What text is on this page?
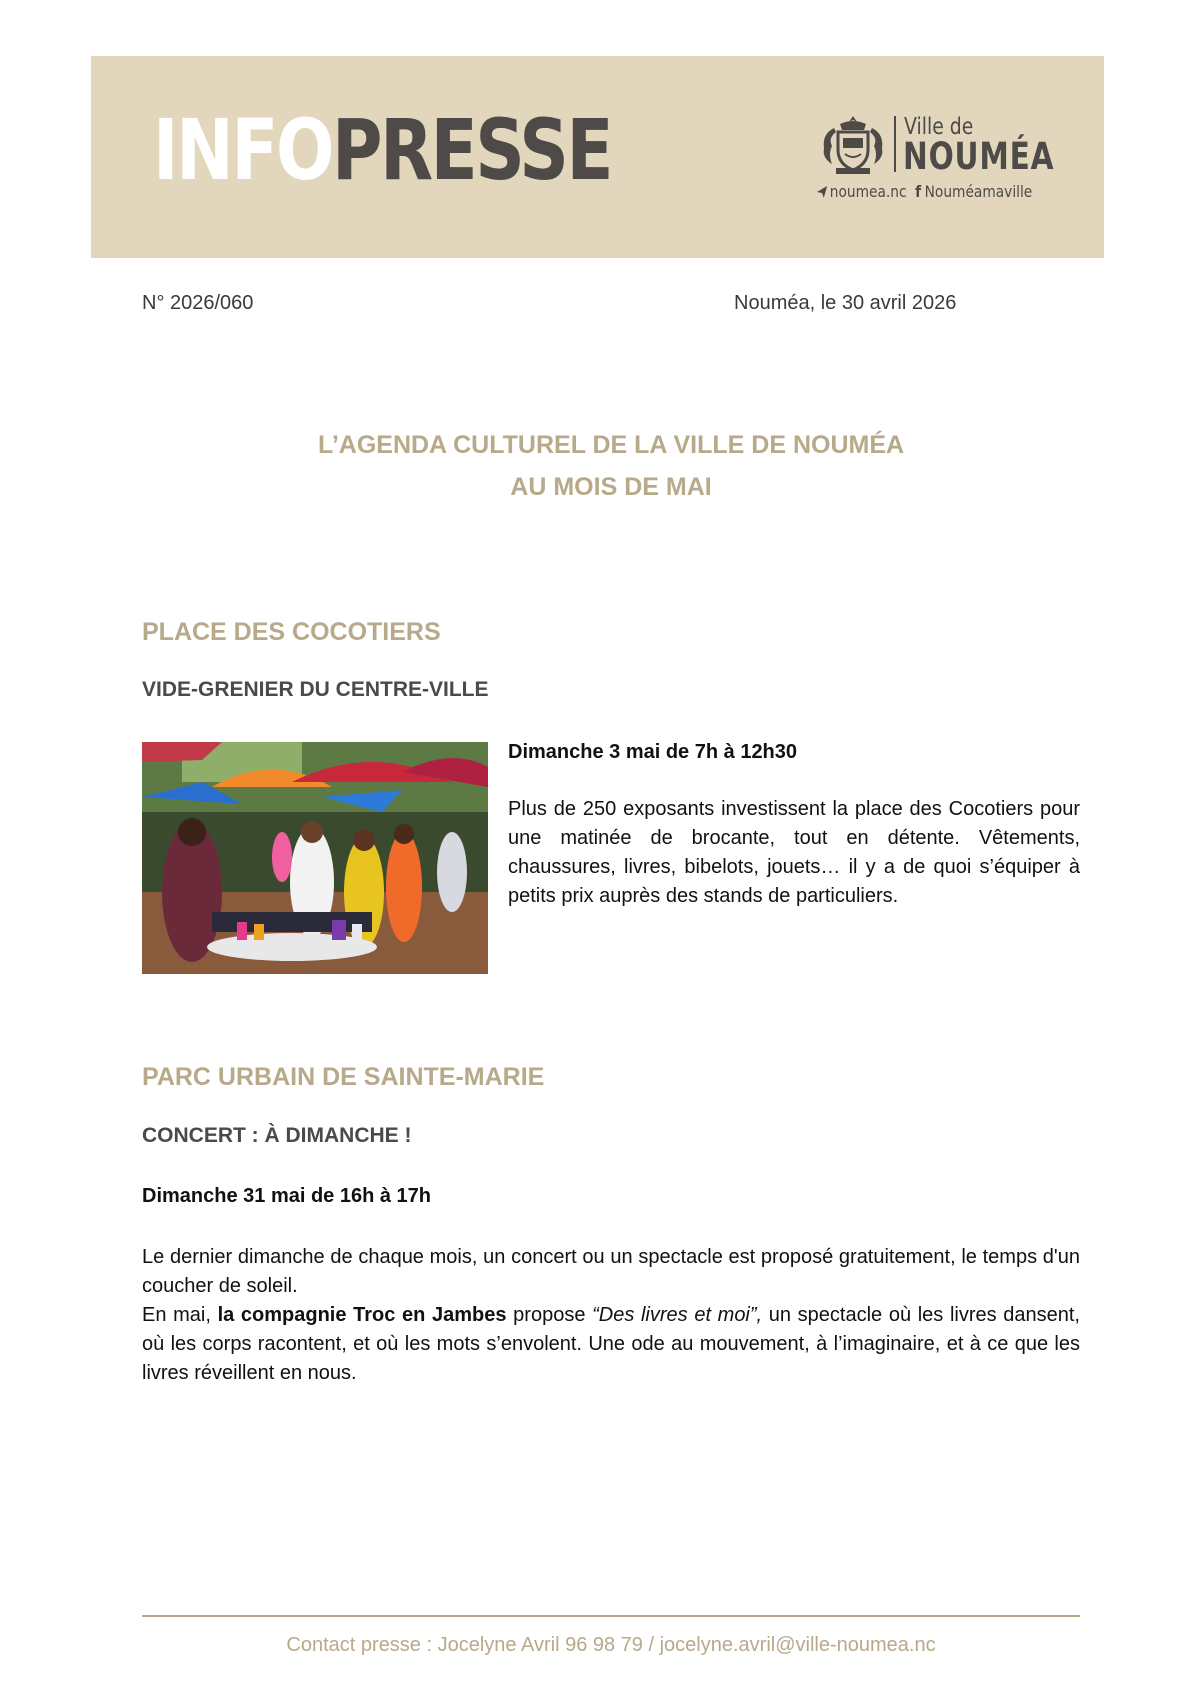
INFOPRESSE	Ville de
NOUMÉA
noumea.nc f Nouméamaville
N° 2026/060	Nouméa, le 30 avril 2026
L’AGENDA CULTUREL DE LA VILLE DE NOUMÉA
AU MOIS DE MAI
PLACE DES COCOTIERS
VIDE-GRENIER DU CENTRE-VILLE
Dimanche 3 mai de 7h à 12h30

Plus de 250 exposants investissent la place des Cocotiers pour une matinée de brocante, tout en détente. Vêtements, chaussures, livres, bibelots, jouets… il y a de quoi s’équiper à petits prix auprès des stands de particuliers.

PARC URBAIN DE SAINTE-MARIE
CONCERT : À DIMANCHE !
Dimanche 31 mai de 16h à 17h

Le dernier dimanche de chaque mois, un concert ou un spectacle est proposé gratuitement, le temps d'un coucher de soleil.

En mai, la compagnie Troc en Jambes propose “Des livres et moi”, un spectacle où les livres dansent, où les corps racontent, et où les mots s’envolent. Une ode au mouvement, à l’imaginaire, et à ce que les livres réveillent en nous.

Contact presse : Jocelyne Avril 96 98 79 / jocelyne.avril@ville-noumea.nc
